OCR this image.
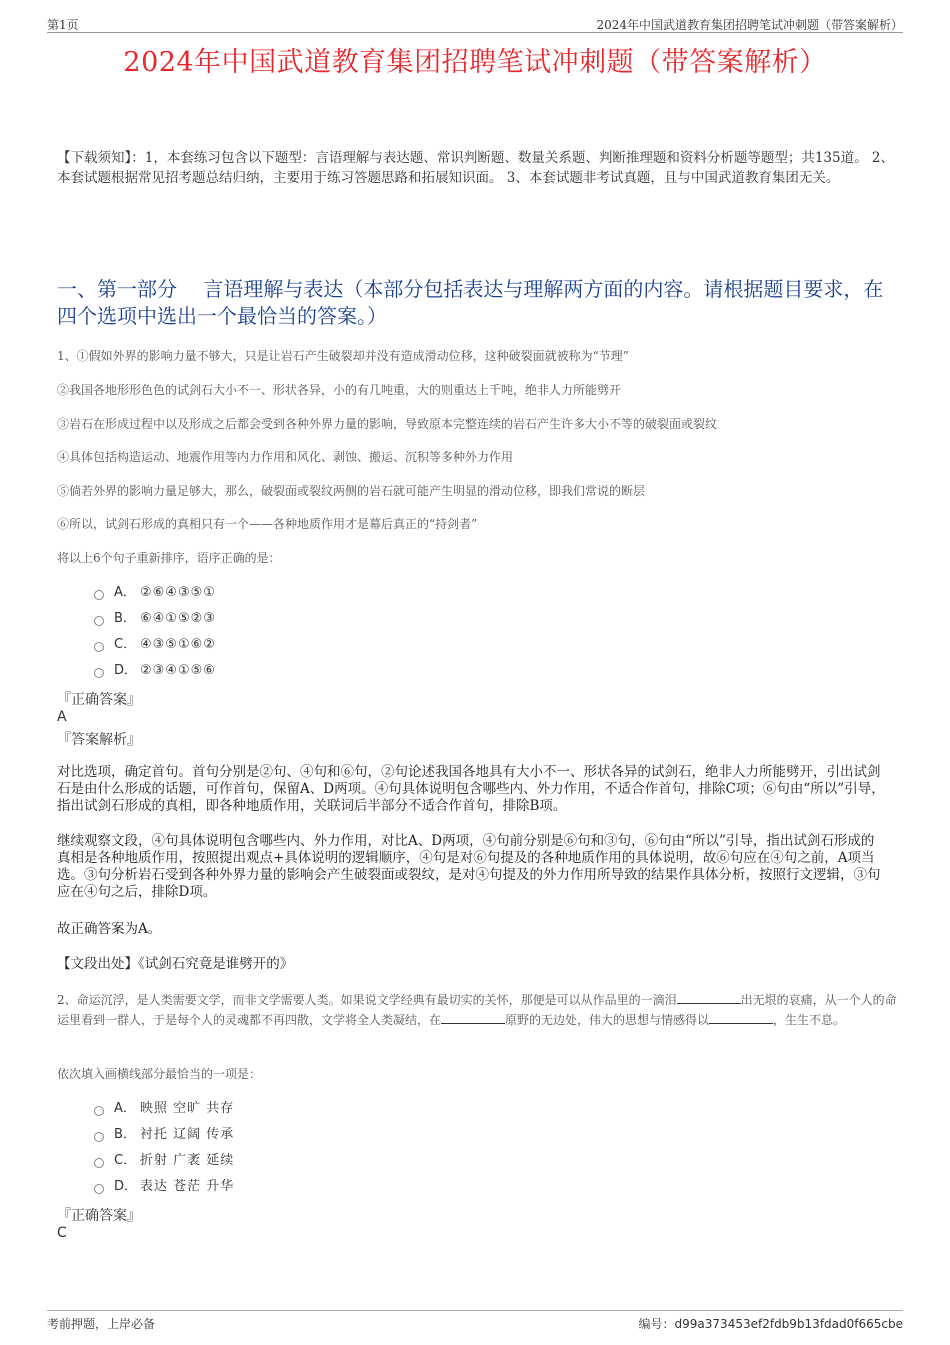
第1页	2024年中国武道教育集团招聘笔试冲刺题（带答案解析）
2024年中国武道教育集团招聘笔试冲刺题（带答案解析）
【下载须知】：1，本套练习包含以下题型：言语理解与表达题、常识判断题、数量关系题、判断推理题和资料分析题等题型；共135道。 2、本套试题根据常见招考题总结归纳，主要用于练习答题思路和拓展知识面。 3、本套试题非考试真题，且与中国武道教育集团无关。
一、第一部分　 言语理解与表达（本部分包括表达与理解两方面的内容。请根据题目要求，在四个选项中选出一个最恰当的答案。）
1、①假如外界的影响力量不够大，只是让岩石产生破裂却并没有造成滑动位移，这种破裂面就被称为“节理”
②我国各地形形色色的试剑石大小不一、形状各异，小的有几吨重，大的则重达上千吨，绝非人力所能劈开
③岩石在形成过程中以及形成之后都会受到各种外界力量的影响，导致原本完整连续的岩石产生许多大小不等的破裂面或裂纹
④具体包括构造运动、地震作用等内力作用和风化、剥蚀、搬运、沉积等多种外力作用
⑤倘若外界的影响力量足够大，那么，破裂面或裂纹两侧的岩石就可能产生明显的滑动位移，即我们常说的断层
⑥所以，试剑石形成的真相只有一个——各种地质作用才是幕后真正的“持剑者”
将以上6个句子重新排序，语序正确的是：
A． ②⑥④③⑤①
B． ⑥④①⑤②③
C． ④③⑤①⑥②
D． ②③④①⑤⑥
『正确答案』
A
『答案解析』
对比选项，确定首句。首句分别是②句、④句和⑥句，②句论述我国各地具有大小不一、形状各异的试剑石，绝非人力所能劈开，引出试剑石是由什么形成的话题，可作首句，保留A、D两项。④句具体说明包含哪些内、外力作用，不适合作首句，排除C项；⑥句由“所以”引导，指出试剑石形成的真相，即各种地质作用，关联词后半部分不适合作首句，排除B项。
继续观察文段，④句具体说明包含哪些内、外力作用，对比A、D两项，④句前分别是⑥句和③句，⑥句由“所以”引导，指出试剑石形成的真相是各种地质作用，按照提出观点+具体说明的逻辑顺序，④句是对⑥句提及的各种地质作用的具体说明，故⑥句应在④句之前，A项当选。③句分析岩石受到各种外界力量的影响会产生破裂面或裂纹，是对④句提及的外力作用所导致的结果作具体分析，按照行文逻辑，③句应在④句之后，排除D项。
故正确答案为A。
【文段出处】《试剑石究竟是谁劈开的》
2、命运沉浮，是人类需要文学，而非文学需要人类。如果说文学经典有最切实的关怀，那便是可以从作品里的一滴泪	出无垠的哀痛，从一个人的命运里看到一群人，于是每个人的灵魂都不再四散，文学将全人类凝结，在	原野的无边处，伟大的思想与情感得以	，生生不息。
依次填入画横线部分最恰当的一项是：
A． 映照 空旷 共存
B． 衬托 辽阔 传承
C． 折射 广袤 延续
D． 表达 苍茫 升华
『正确答案』
C
考前押题，上岸必备	编号：d99a373453ef2fdb9b13fdad0f665cbe
